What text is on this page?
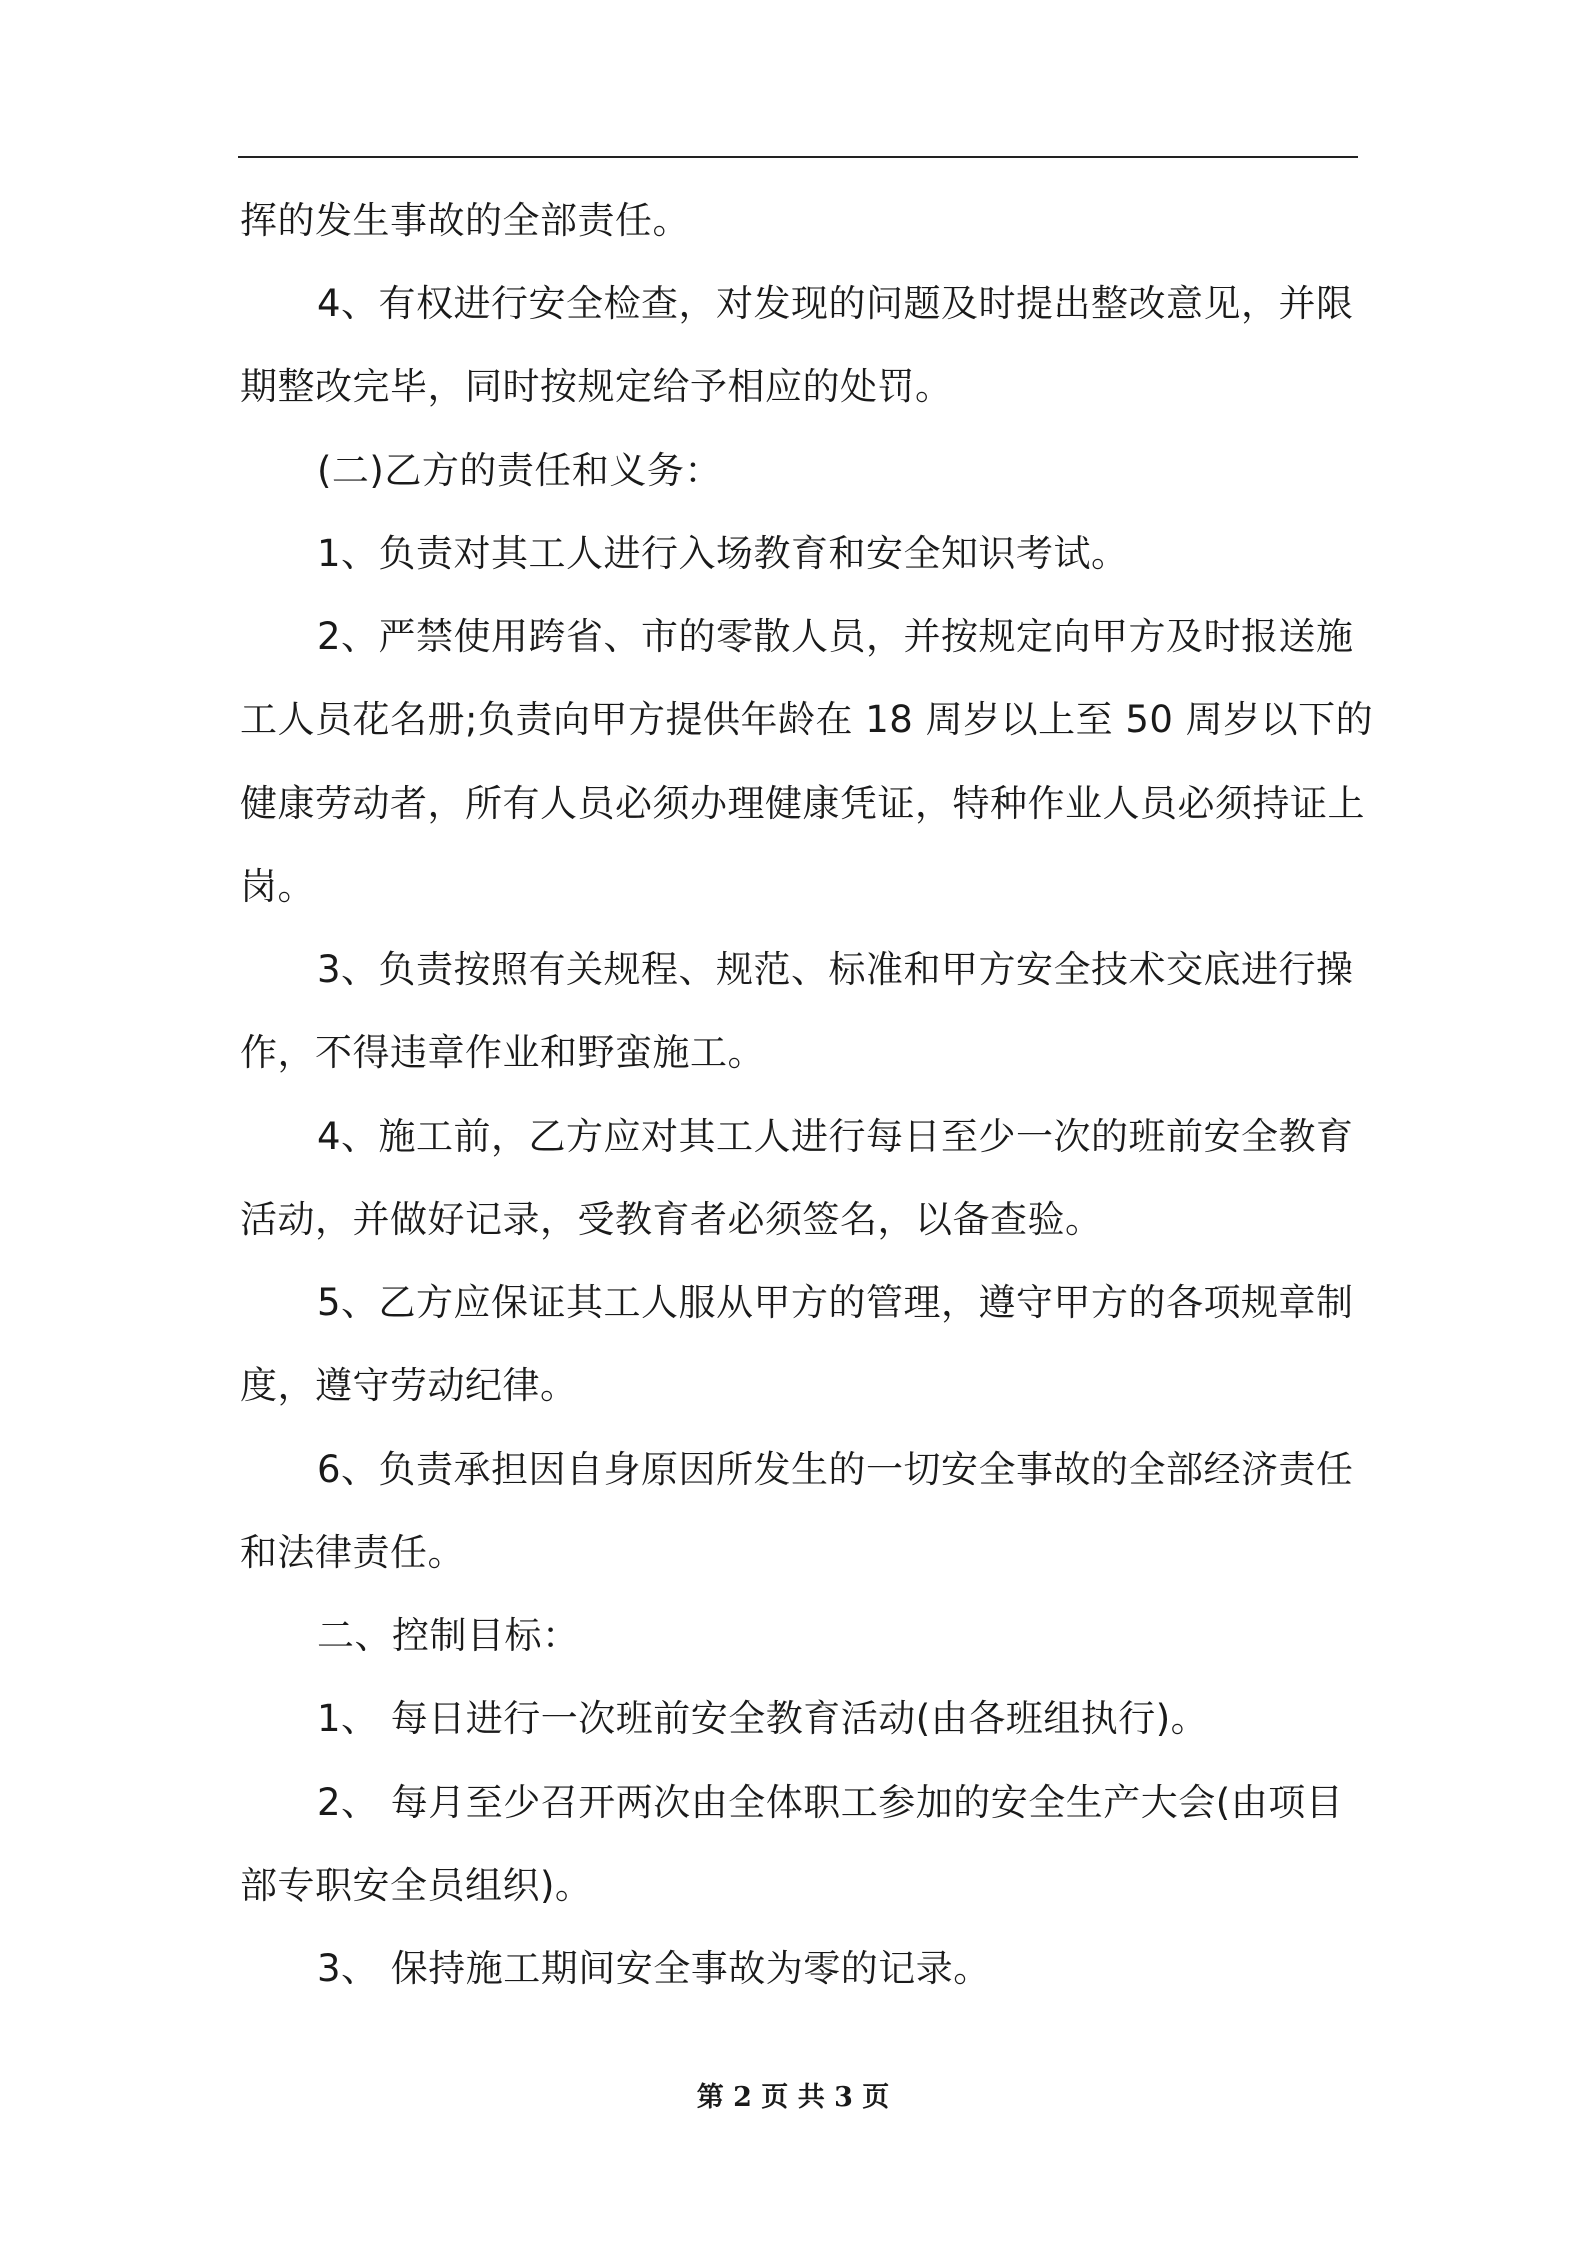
挥的发生事故的全部责任。
4、有权进行安全检查，对发现的问题及时提出整改意见，并限
期整改完毕，同时按规定给予相应的处罚。
(二)乙方的责任和义务：
1、负责对其工人进行入场教育和安全知识考试。
2、严禁使用跨省、市的零散人员，并按规定向甲方及时报送施
工人员花名册;负责向甲方提供年龄在 18 周岁以上至 50 周岁以下的
健康劳动者，所有人员必须办理健康凭证，特种作业人员必须持证上
岗。
3、负责按照有关规程、规范、标准和甲方安全技术交底进行操
作，不得违章作业和野蛮施工。
4、施工前，乙方应对其工人进行每日至少一次的班前安全教育
活动，并做好记录，受教育者必须签名，以备查验。
5、乙方应保证其工人服从甲方的管理，遵守甲方的各项规章制
度，遵守劳动纪律。
6、负责承担因自身原因所发生的一切安全事故的全部经济责任
和法律责任。
二、控制目标：
1、 每日进行一次班前安全教育活动(由各班组执行)。
2、 每月至少召开两次由全体职工参加的安全生产大会(由项目
部专职安全员组织)。
3、 保持施工期间安全事故为零的记录。
第 2 页 共 3 页
